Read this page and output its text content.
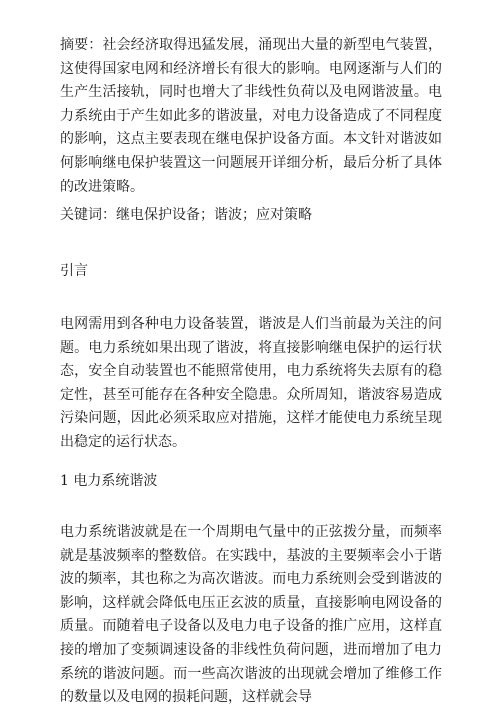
摘要：社会经济取得迅猛发展，涌现出大量的新型电气装置，这使得国家电网和经济增长有很大的影响。电网逐渐与人们的生产生活接轨，同时也增大了非线性负荷以及电网谐波量。电力系统由于产生如此多的谐波量，对电力设备造成了不同程度的影响，这点主要表现在继电保护设备方面。本文针对谐波如何影响继电保护装置这一问题展开详细分析，最后分析了具体的改进策略。

关键词：继电保护设备；谐波；应对策略

引言

电网需用到各种电力设备装置，谐波是人们当前最为关注的问题。电力系统如果出现了谐波，将直接影响继电保护的运行状态，安全自动装置也不能照常使用，电力系统将失去原有的稳定性，甚至可能存在各种安全隐患。众所周知，谐波容易造成污染问题，因此必须采取应对措施，这样才能使电力系统呈现出稳定的运行状态。

1 电力系统谐波

电力系统谐波就是在一个周期电气量中的正弦拨分量，而频率就是基波频率的整数倍。在实践中，基波的主要频率会小于谐波的频率，其也称之为高次谐波。而电力系统则会受到谐波的影响，这样就会降低电压正玄波的质量，直接影响电网设备的质量。而随着电子设备以及电力电子设备的推广应用，这样直接的增加了变频调速设备的非线性负荷问题，进而增加了电力系统的谐波问题。而一些高次谐波的出现就会增加了维修工作的数量以及电网的损耗问题，这样就会导
